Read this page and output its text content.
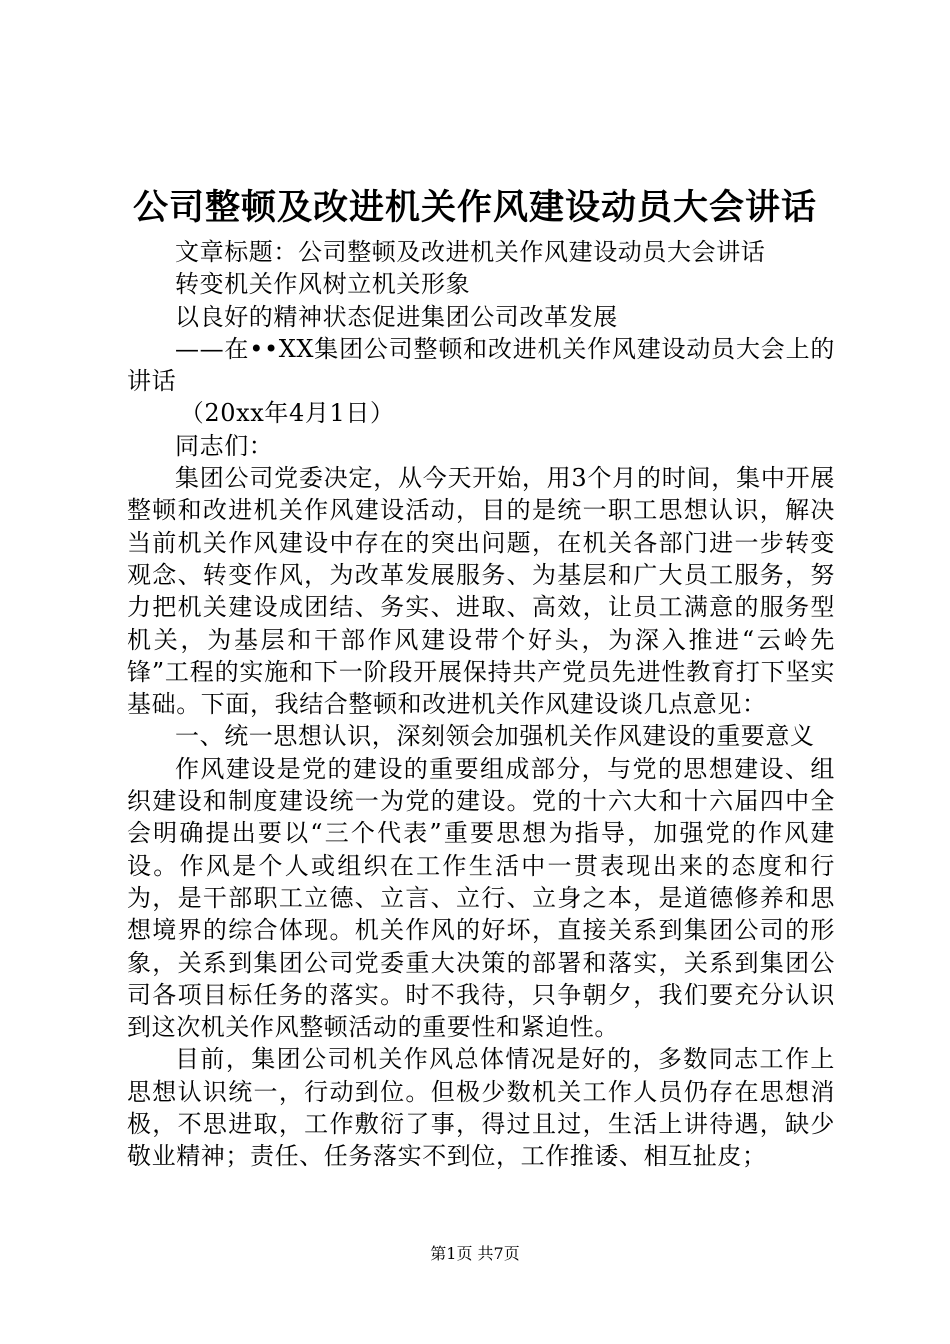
公司整顿及改进机关作风建设动员大会讲话

文章标题：公司整顿及改进机关作风建设动员大会讲话

转变机关作风树立机关形象

以良好的精神状态促进集团公司改革发展

——在••XX集团公司整顿和改进机关作风建设动员大会上的讲话

（20xx年4月1日）

同志们：

集团公司党委决定，从今天开始，用3个月的时间，集中开展整顿和改进机关作风建设活动，目的是统一职工思想认识，解决当前机关作风建设中存在的突出问题，在机关各部门进一步转变观念、转变作风，为改革发展服务、为基层和广大员工服务，努力把机关建设成团结、务实、进取、高效，让员工满意的服务型机关，为基层和干部作风建设带个好头，为深入推进“云岭先锋”工程的实施和下一阶段开展保持共产党员先进性教育打下坚实基础。下面，我结合整顿和改进机关作风建设谈几点意见：

一、统一思想认识，深刻领会加强机关作风建设的重要意义

作风建设是党的建设的重要组成部分，与党的思想建设、组织建设和制度建设统一为党的建设。党的十六大和十六届四中全会明确提出要以“三个代表”重要思想为指导，加强党的作风建设。作风是个人或组织在工作生活中一贯表现出来的态度和行为，是干部职工立德、立言、立行、立身之本，是道德修养和思想境界的综合体现。机关作风的好坏，直接关系到集团公司的形象，关系到集团公司党委重大决策的部署和落实，关系到集团公司各项目标任务的落实。时不我待，只争朝夕，我们要充分认识到这次机关作风整顿活动的重要性和紧迫性。

目前，集团公司机关作风总体情况是好的，多数同志工作上思想认识统一，行动到位。但极少数机关工作人员仍存在思想消极，不思进取，工作敷衍了事，得过且过，生活上讲待遇，缺少敬业精神；责任、任务落实不到位，工作推诿、相互扯皮；

第1页 共7页
